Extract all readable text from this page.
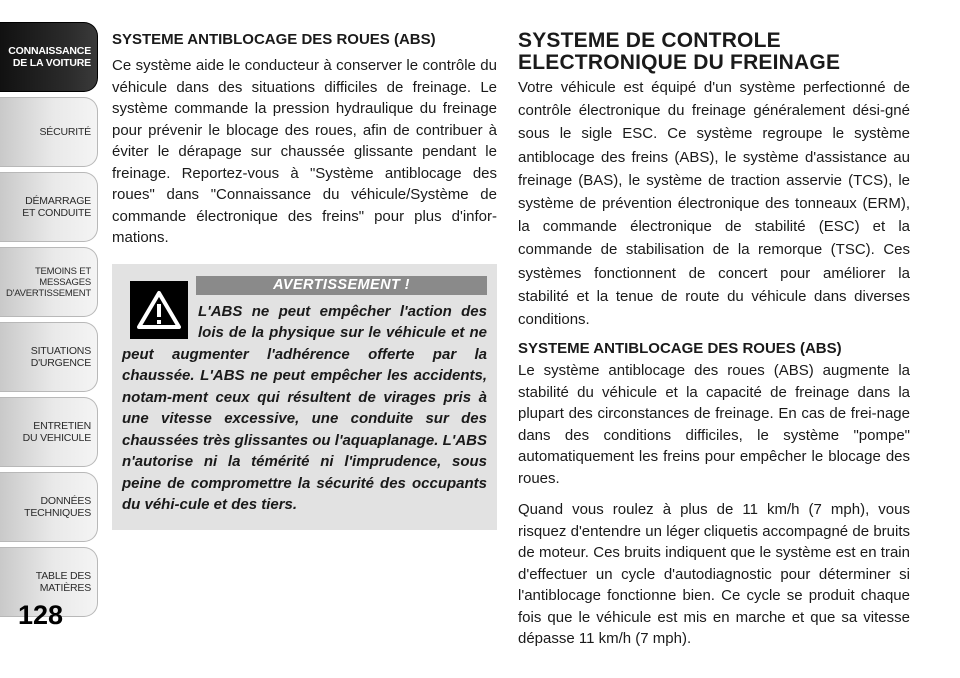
CONNAISSANCE
DE LA VOITURE
SÉCURITÉ
DÉMARRAGE
ET CONDUITE
TEMOINS ET
MESSAGES
D'AVERTISSEMENT
SITUATIONS
D'URGENCE
ENTRETIEN
DU VEHICULE
DONNÉES
TECHNIQUES
TABLE DES
MATIÈRES
128
SYSTEME ANTIBLOCAGE DES ROUES (ABS)

Ce système aide le conducteur à conserver le contrôle du véhicule dans des situations difficiles de freinage. Le système commande la pression hydraulique du freinage pour prévenir le blocage des roues, afin de contribuer à éviter le dérapage sur chaussée glissante pendant le freinage. Reportez-vous à "Système antiblocage des roues" dans "Connaissance du véhicule/Système de commande électronique des freins" pour plus d'infor-mations.

AVERTISSEMENT !
L'ABS ne peut empêcher l'action des lois de la physique sur le véhicule et ne peut augmenter l'adhérence offerte par la chaussée. L'ABS ne peut empêcher les accidents, notam-ment ceux qui résultent de virages pris à une vitesse excessive, une conduite sur des chaussées très glissantes ou l'aquaplanage. L'ABS n'autorise ni la témérité ni l'imprudence, sous peine de compromettre la sécurité des occupants du véhi-cule et des tiers.
SYSTEME DE CONTROLE ELECTRONIQUE DU FREINAGE

Votre véhicule est équipé d'un système perfectionné de contrôle électronique du freinage généralement dési-gné sous le sigle ESC. Ce système regroupe le système antiblocage des freins (ABS), le système d'assistance au freinage (BAS), le système de traction asservie (TCS), le système de prévention électronique des tonneaux (ERM), la commande électronique de stabilité (ESC) et la commande de stabilisation de la remorque (TSC). Ces systèmes fonctionnent de concert pour améliorer la stabilité et la tenue de route du véhicule dans diverses conditions.

SYSTEME ANTIBLOCAGE DES ROUES (ABS)

Le système antiblocage des roues (ABS) augmente la stabilité du véhicule et la capacité de freinage dans la plupart des circonstances de freinage. En cas de frei-nage dans des conditions difficiles, le système "pompe" automatiquement les freins pour empêcher le blocage des roues.

Quand vous roulez à plus de 11 km/h (7 mph), vous risquez d'entendre un léger cliquetis accompagné de bruits de moteur. Ces bruits indiquent que le système est en train d'effectuer un cycle d'autodiagnostic pour déterminer si l'antiblocage fonctionne bien. Ce cycle se produit chaque fois que le véhicule est mis en marche et que sa vitesse dépasse 11 km/h (7 mph).
